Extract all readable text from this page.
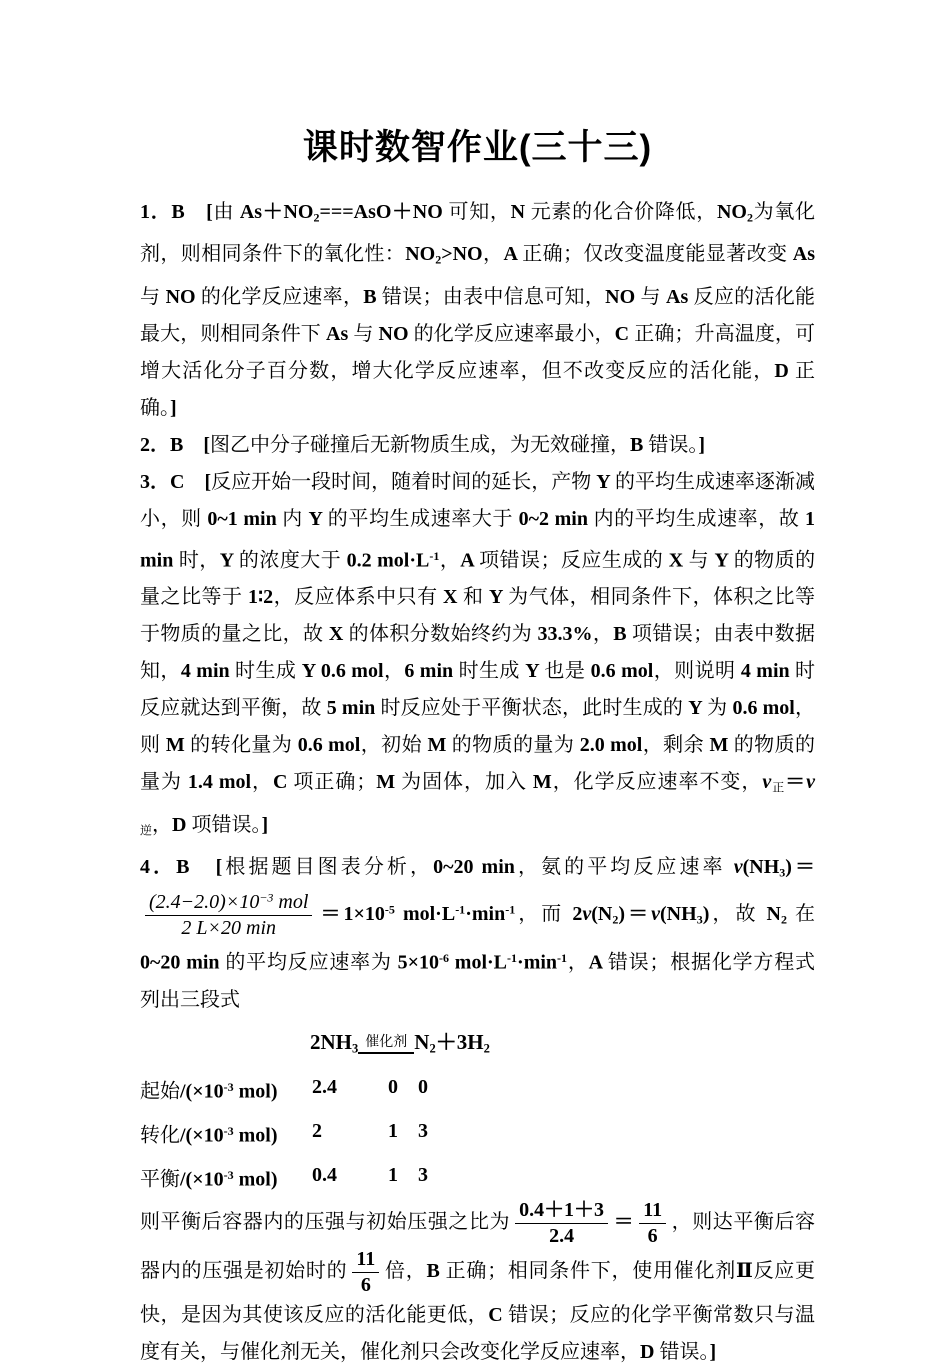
课时数智作业(三十三)

1．B　[由 $As+NO_2===AsO+NO$ 可知，N 元素的化合价降低，$NO_2$为氧化剂，则相同条件下的氧化性：$NO_2>NO$，A 正确；仅改变温度能显著改变 As 与 NO 的化学反应速率，B 错误；由表中信息可知，NO 与 As 反应的活化能最大，则相同条件下 As 与 NO 的化学反应速率最小，C 正确；升高温度，可增大活化分子百分数，增大化学反应速率，但不改变反应的活化能，D 正确。]

2．B　[图乙中分子碰撞后无新物质生成，为无效碰撞，B 错误。]

3．C　[反应开始一段时间，随着时间的延长，产物 Y 的平均生成速率逐渐减小，则 0~1 min 内 Y 的平均生成速率大于 0~2 min 内的平均生成速率，故 1 min 时，Y 的浓度大于 0.2 $mol\cdot L^{-1}$，A 项错误；反应生成的 X 与 Y 的物质的量之比等于 1∶2，反应体系中只有 X 和 Y 为气体，相同条件下，体积之比等于物质的量之比，故 X 的体积分数始终约为 33.3%，B 项错误；由表中数据知，4 min 时生成 Y 0.6 mol，6 min 时生成 Y 也是 0.6 mol，则说明 4 min 时反应就达到平衡，故 5 min 时反应处于平衡状态，此时生成的 Y 为 0.6 mol，则 M 的转化量为 0.6 mol，初始 M 的物质的量为 2.0 mol，剩余 M 的物质的量为 1.4 mol，C 项正确；M 为固体，加入 M，化学反应速率不变，$v_正=v_逆$，D 项错误。]

4．B　[根据题目图表分析，0~20 min，氨的平均反应速率 $v(NH_3)=$
$\frac{(2.4-2.0)\times 10^{-3} mol}{2 L\times 20 \min} =1\times 10^{-5}$ $mol\cdot L^{-1}\cdot\min^{-1}$，而 $2v(N_2)=v(NH_3)$，故 $N_2$ 在 0~20 min 的平均反应速率为 $5\times 10^{-6}$ $mol\cdot L^{-1}\cdot\min^{-1}$，A 错误；根据化学方程式列出三段式

$2NH_3$ 催化剂 $N_2+3H_2$
起始$/(\times 10^{-3}$ mol)	2.4	0	0
转化$/(\times 10^{-3}$ mol)	2	1	3
平衡$/(\times 10^{-3}$ mol)	0.4	1	3

则平衡后容器内的压强与初始压强之比为 $\frac{0.4+1+3}{2.4} = \frac{11}{6}$ ，则达平衡后容器内的压强是初始时的 $\frac{11}{6}$ 倍，B 正确；相同条件下，使用催化剂Ⅱ反应更快，是因为其使该反应的活化能更低，C 错误；反应的化学平衡常数只与温度有关，与催化剂无关，催化剂只会改变化学反应速率，D 错误。]
